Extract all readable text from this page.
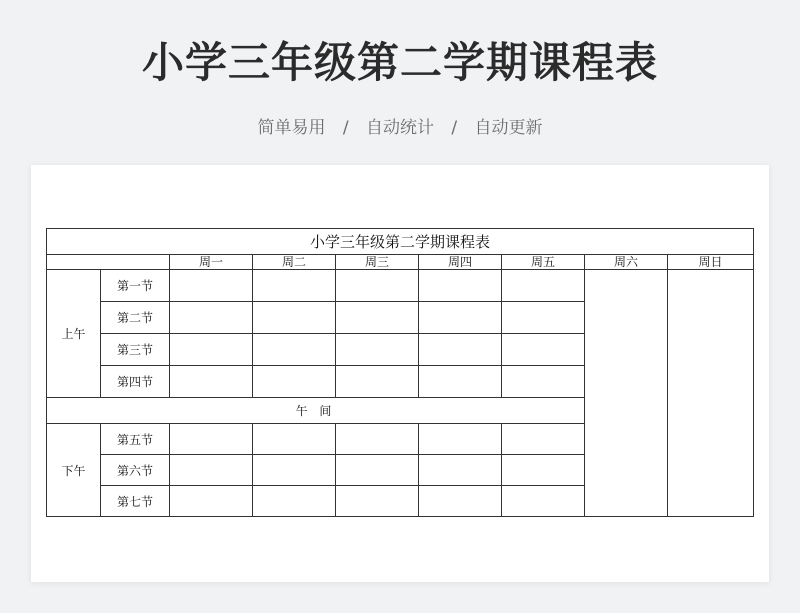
小学三年级第二学期课程表
简单易用 / 自动统计 / 自动更新
小学三年级第二学期课程表								
		周一	周二	周三	周四	周五	周六	周日
上午	第一节							
	第二节							
	第三节							
	第四节							
午 间								
下午	第五节							
	第六节							
	第七节							
